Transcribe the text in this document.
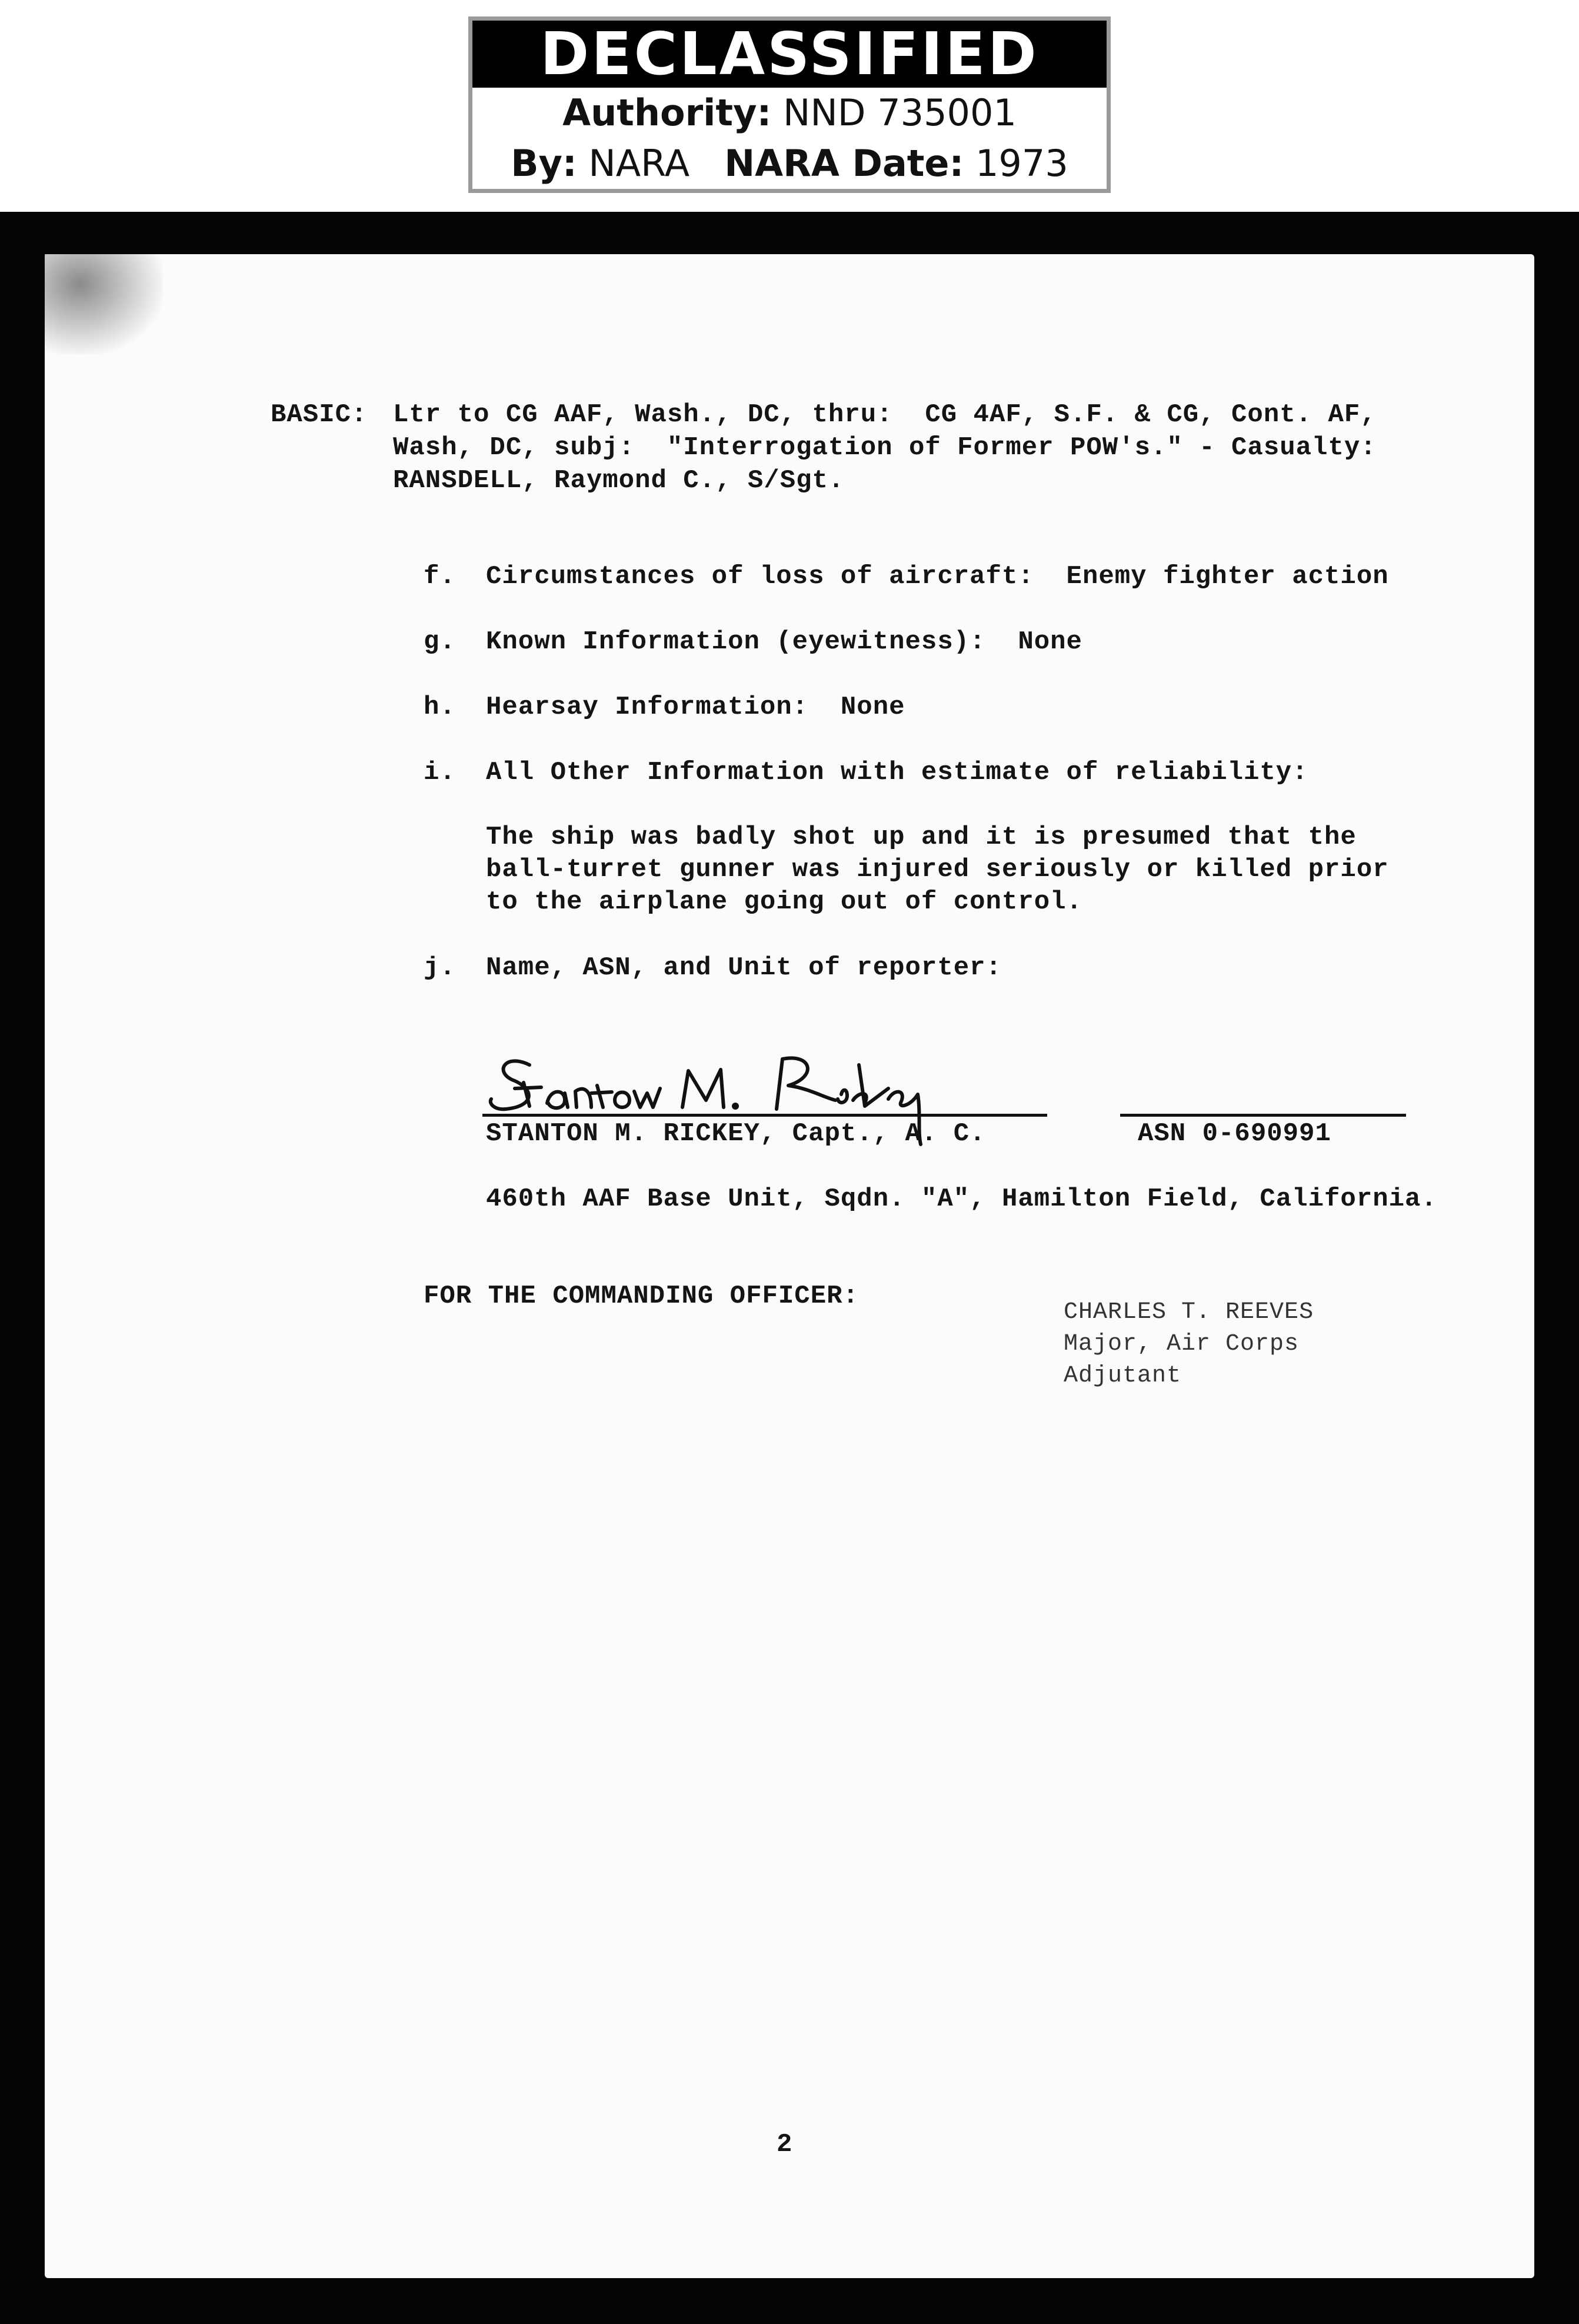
DECLASSIFIED
Authority: NND 735001
By: NARA NARA Date: 1973
BASIC: Ltr to CG AAF, Wash., DC, thru:  CG 4AF, S.F. & CG, Cont. AF,
Wash, DC, subj:  "Interrogation of Former POW's." - Casualty:
RANSDELL, Raymond C., S/Sgt.
f. Circumstances of loss of aircraft:  Enemy fighter action
g. Known Information (eyewitness):  None
h. Hearsay Information:  None
i. All Other Information with estimate of reliability:
The ship was badly shot up and it is presumed that the
ball-turret gunner was injured seriously or killed prior
to the airplane going out of control.
j. Name, ASN, and Unit of reporter:
STANTON M. RICKEY, Capt., A. C.	ASN 0-690991
460th AAF Base Unit, Sqdn. "A", Hamilton Field, California.
FOR THE COMMANDING OFFICER:
CHARLES T. REEVES
Major, Air Corps
Adjutant
2
